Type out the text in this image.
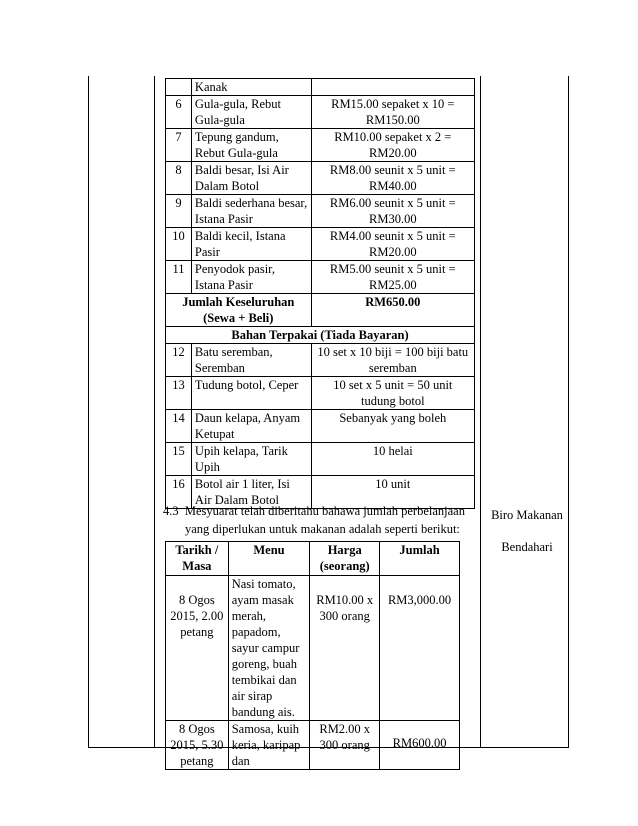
	Kanak	
6	Gula-gula, Rebut Gula-gula	RM15.00 sepaket x 10 = RM150.00
7	Tepung gandum, Rebut Gula-gula	RM10.00 sepaket x 2 = RM20.00
8	Baldi besar, Isi Air Dalam Botol	RM8.00 seunit x 5 unit = RM40.00
9	Baldi sederhana besar, Istana Pasir	RM6.00 seunit x 5 unit = RM30.00
10	Baldi kecil, Istana Pasir	RM4.00 seunit x 5 unit = RM20.00
11	Penyodok pasir, Istana Pasir	RM5.00 seunit x 5 unit = RM25.00
Jumlah Keseluruhan (Sewa + Beli)		RM650.00
Bahan Terpakai (Tiada Bayaran)		
12	Batu seremban, Seremban	10 set x 10 biji = 100 biji batu seremban
13	Tudung botol, Ceper	10 set x 5 unit = 50 unit tudung botol
14	Daun kelapa, Anyam Ketupat	Sebanyak yang boleh
15	Upih kelapa, Tarik Upih	10 helai
16	Botol air 1 liter, Isi Air Dalam Botol	10 unit
4.3 Mesyuarat telah diberitahu bahawa jumlah perbelanjaan
yang diperlukan untuk makanan adalah seperti berikut:
Biro Makanan
Bendahari
Tarikh / Masa	Menu	Harga (seorang)	Jumlah
8 Ogos 2015, 2.00 petang	Nasi tomato, ayam masak merah, papadom, sayur campur goreng, buah tembikai dan air sirap bandung ais.	RM10.00 x 300 orang	RM3,000.00
8 Ogos 2015, 5.30 petang	Samosa, kuih keria, karipap dan	RM2.00 x 300 orang	RM600.00
